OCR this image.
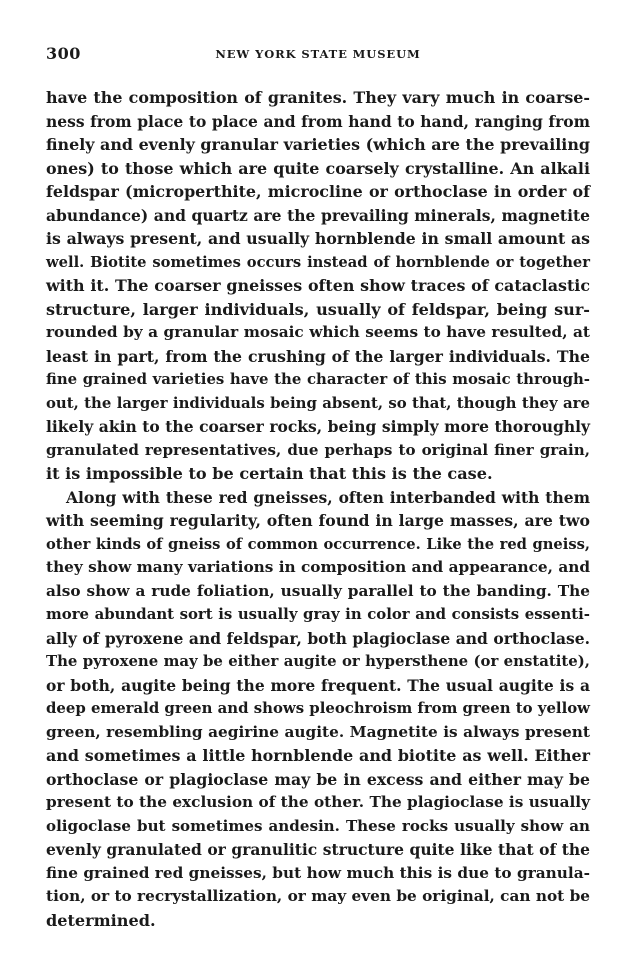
300	NEW YORK STATE MUSEUM
have the composition of granites. They vary much in coarse-
ness from place to place and from hand to hand, ranging from
finely and evenly granular varieties (which are the prevailing
ones) to those which are quite coarsely crystalline. An alkali
feldspar (microperthite, microcline or orthoclase in order of
abundance) and quartz are the prevailing minerals, magnetite
is always present, and usually hornblende in small amount as
well. Biotite sometimes occurs instead of hornblende or together
with it. The coarser gneisses often show traces of cataclastic
structure, larger individuals, usually of feldspar, being sur-
rounded by a granular mosaic which seems to have resulted, at
least in part, from the crushing of the larger individuals. The
fine grained varieties have the character of this mosaic through-
out, the larger individuals being absent, so that, though they are
likely akin to the coarser rocks, being simply more thoroughly
granulated representatives, due perhaps to original finer grain,
it is impossible to be certain that this is the case.
Along with these red gneisses, often interbanded with them
with seeming regularity, often found in large masses, are two
other kinds of gneiss of common occurrence. Like the red gneiss,
they show many variations in composition and appearance, and
also show a rude foliation, usually parallel to the banding. The
more abundant sort is usually gray in color and consists essenti-
ally of pyroxene and feldspar, both plagioclase and orthoclase.
The pyroxene may be either augite or hypersthene (or enstatite),
or both, augite being the more frequent. The usual augite is a
deep emerald green and shows pleochroism from green to yellow
green, resembling aegirine augite. Magnetite is always present
and sometimes a little hornblende and biotite as well. Either
orthoclase or plagioclase may be in excess and either may be
present to the exclusion of the other. The plagioclase is usually
oligoclase but sometimes andesin. These rocks usually show an
evenly granulated or granulitic structure quite like that of the
fine grained red gneisses, but how much this is due to granula-
tion, or to recrystallization, or may even be original, can not be
determined.
